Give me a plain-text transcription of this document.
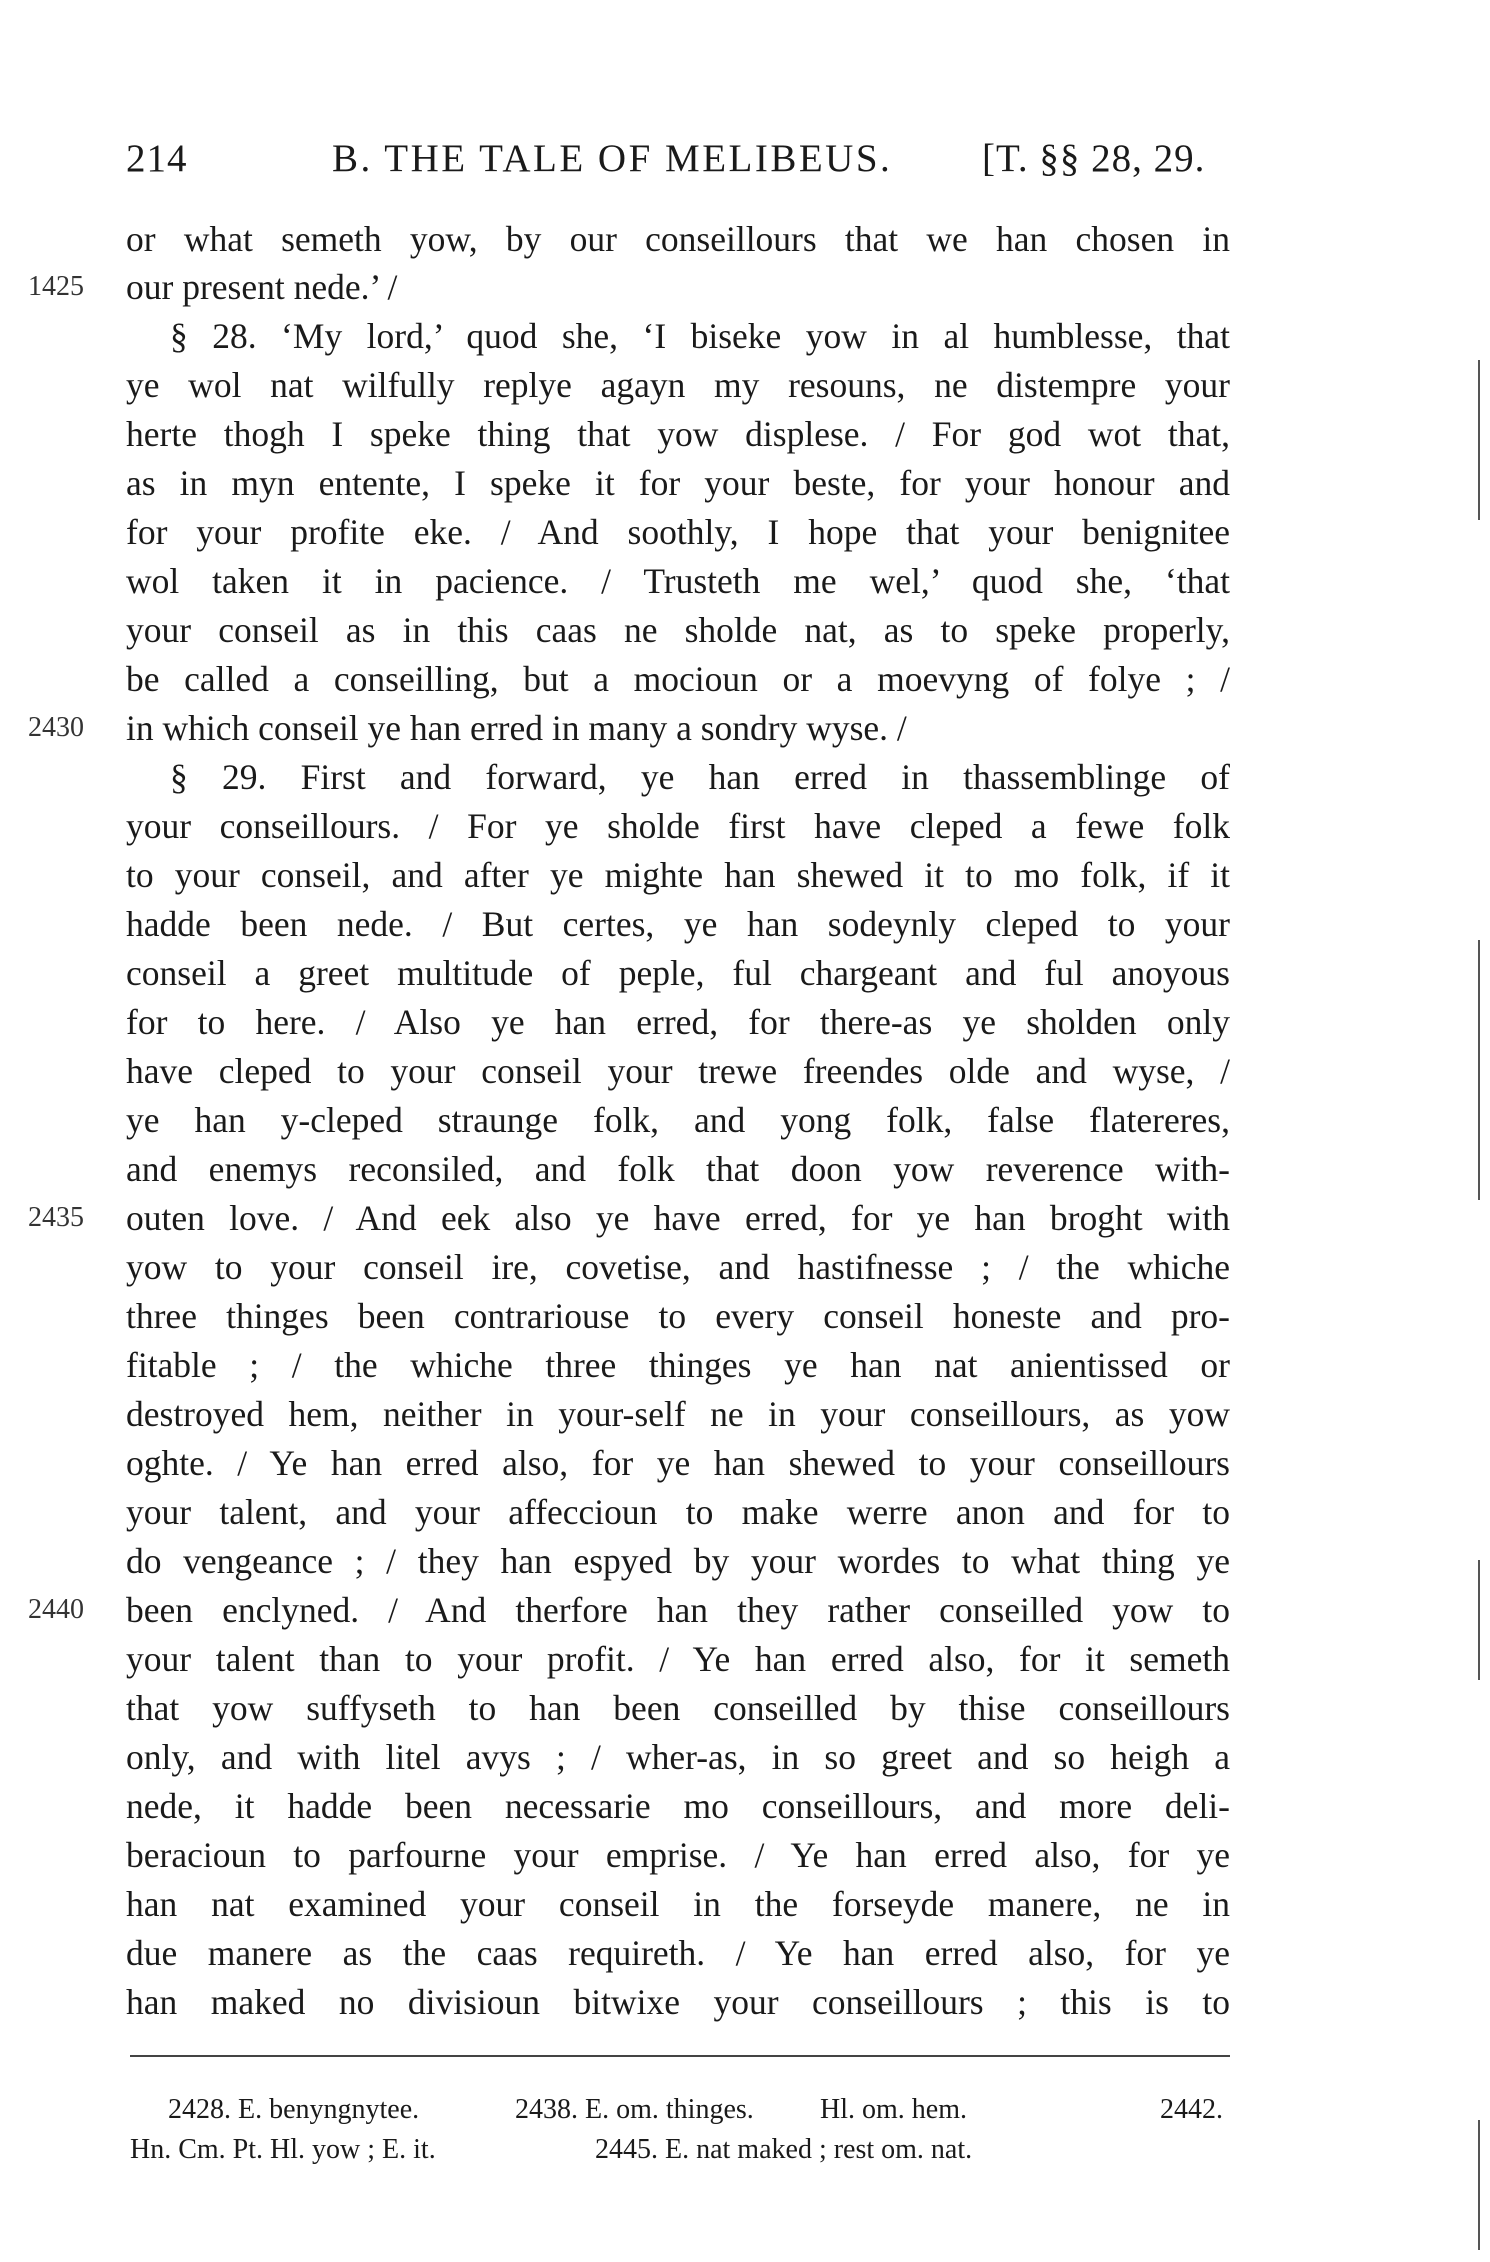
214	B. THE TALE OF MELIBEUS. [T. §§ 28, 29.
or what semeth yow, by our conseillours that we han chosen in
1425	our present nede.’ /
§ 28. ‘My lord,’ quod she, ‘I biseke yow in al humblesse, that
ye wol nat wilfully replye agayn my resouns, ne distempre your
herte thogh I speke thing that yow displese. / For god wot that,
as in myn entente, I speke it for your beste, for your honour and
for your profite eke. / And soothly, I hope that your benignitee
wol taken it in pacience. / Trusteth me wel,’ quod she, ‘that
your conseil as in this caas ne sholde nat, as to speke properly,
be called a conseilling, but a mocioun or a moevyng of folye ; /
2430	in which conseil ye han erred in many a sondry wyse. /
§ 29. First and forward, ye han erred in thassemblinge of
your conseillours. / For ye sholde first have cleped a fewe folk
to your conseil, and after ye mighte han shewed it to mo folk, if it
hadde been nede. / But certes, ye han sodeynly cleped to your
conseil a greet multitude of peple, ful chargeant and ful anoyous
for to here. / Also ye han erred, for there-as ye sholden only
have cleped to your conseil your trewe freendes olde and wyse, /
ye han y-cleped straunge folk, and yong folk, false flatereres,
and enemys reconsiled, and folk that doon yow reverence with-
2435	outen love. / And eek also ye have erred, for ye han broght with
yow to your conseil ire, covetise, and hastifnesse ; / the whiche
three thinges been contrariouse to every conseil honeste and pro-
fitable ; / the whiche three thinges ye han nat anientissed or
destroyed hem, neither in your-self ne in your conseillours, as yow
oghte. / Ye han erred also, for ye han shewed to your conseillours
your talent, and your affeccioun to make werre anon and for to
do vengeance ; / they han espyed by your wordes to what thing ye
2440	been enclyned. / And therfore han they rather conseilled yow to
your talent than to your profit. / Ye han erred also, for it semeth
that yow suffyseth to han been conseilled by thise conseillours
only, and with litel avys ; / wher-as, in so greet and so heigh a
nede, it hadde been necessarie mo conseillours, and more deli-
beracioun to parfourne your emprise. / Ye han erred also, for ye
han nat examined your conseil in the forseyde manere, ne in
due manere as the caas requireth. / Ye han erred also, for ye
han maked no divisioun bitwixe your conseillours ; this is to
2428. E. benyngnytee.	2438. E. om. thinges. Hl. om. hem.	2442.
Hn. Cm. Pt. Hl. yow ; E. it.	2445. E. nat maked ; rest om. nat.
